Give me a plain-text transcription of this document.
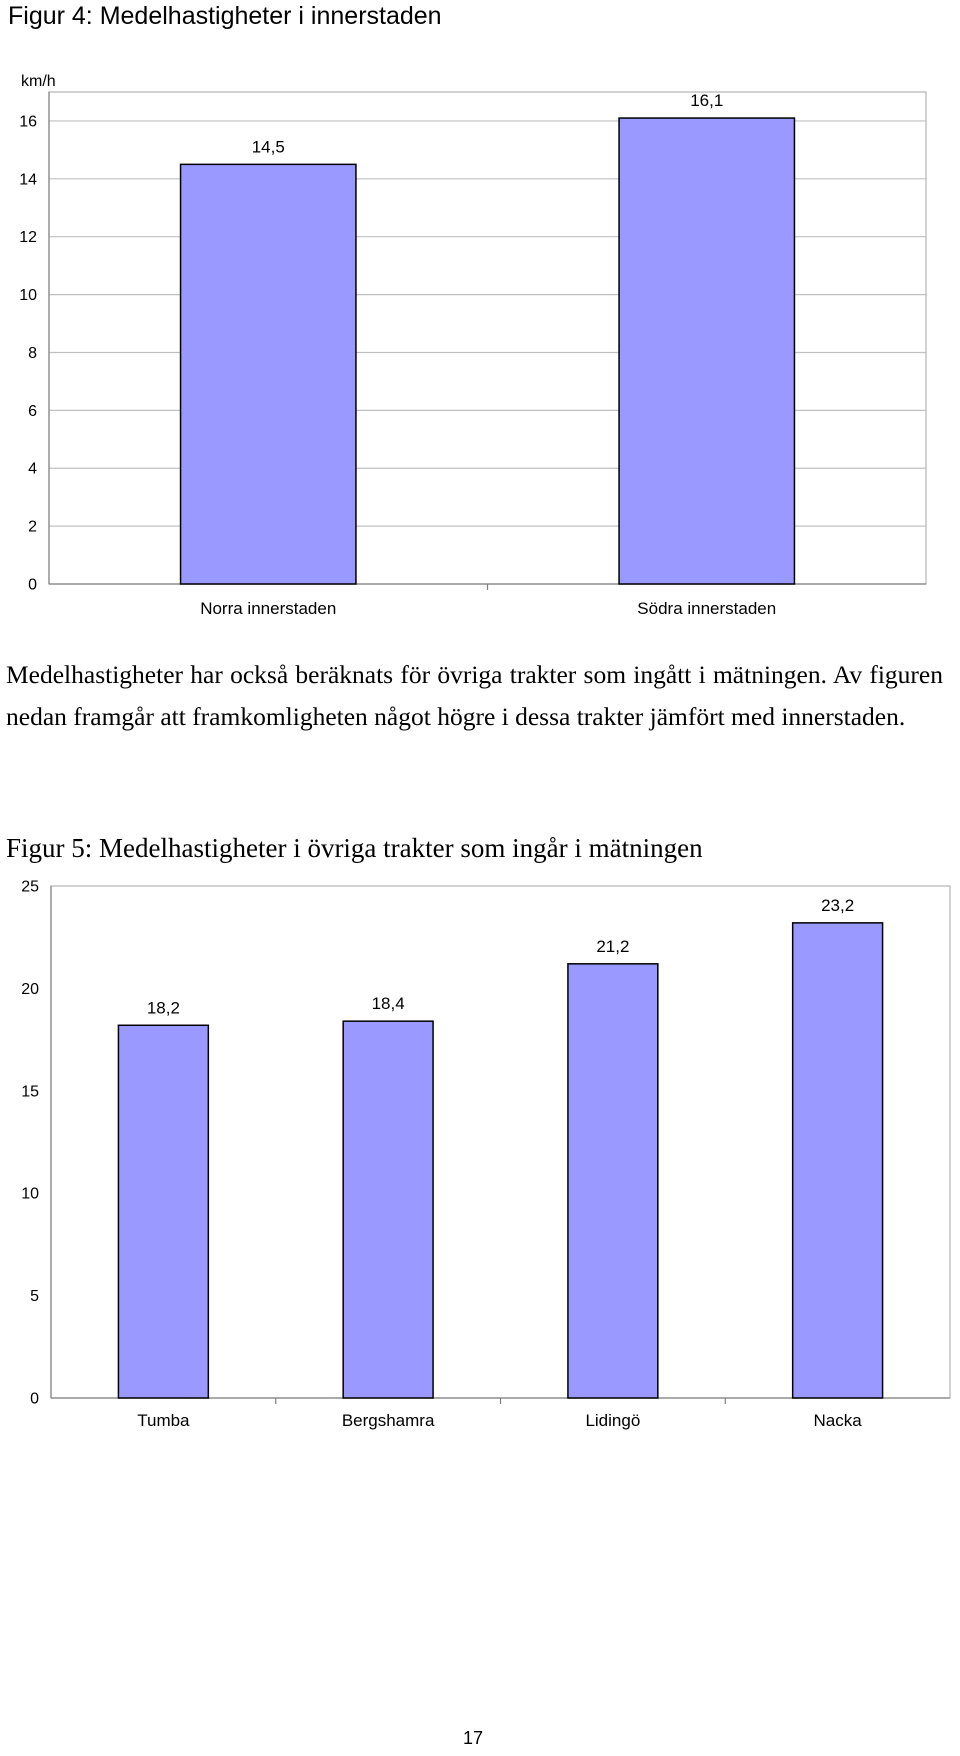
Figur 4: Medelhastigheter i innerstaden
0
2
4
6
8
10
12
14
16
km/h
14,5
Norra innerstaden
16,1
Södra innerstaden
Medelhastigheter har också beräknats för övriga trakter som ingått i mätningen. Av figuren nedan framgår att framkomligheten något högre i dessa trakter jämfört med innerstaden.
Figur 5: Medelhastigheter i övriga trakter som ingår i mätningen
0
5
10
15
20
25
18,2
Tumba
18,4
Bergshamra
21,2
Lidingö
23,2
Nacka
17
